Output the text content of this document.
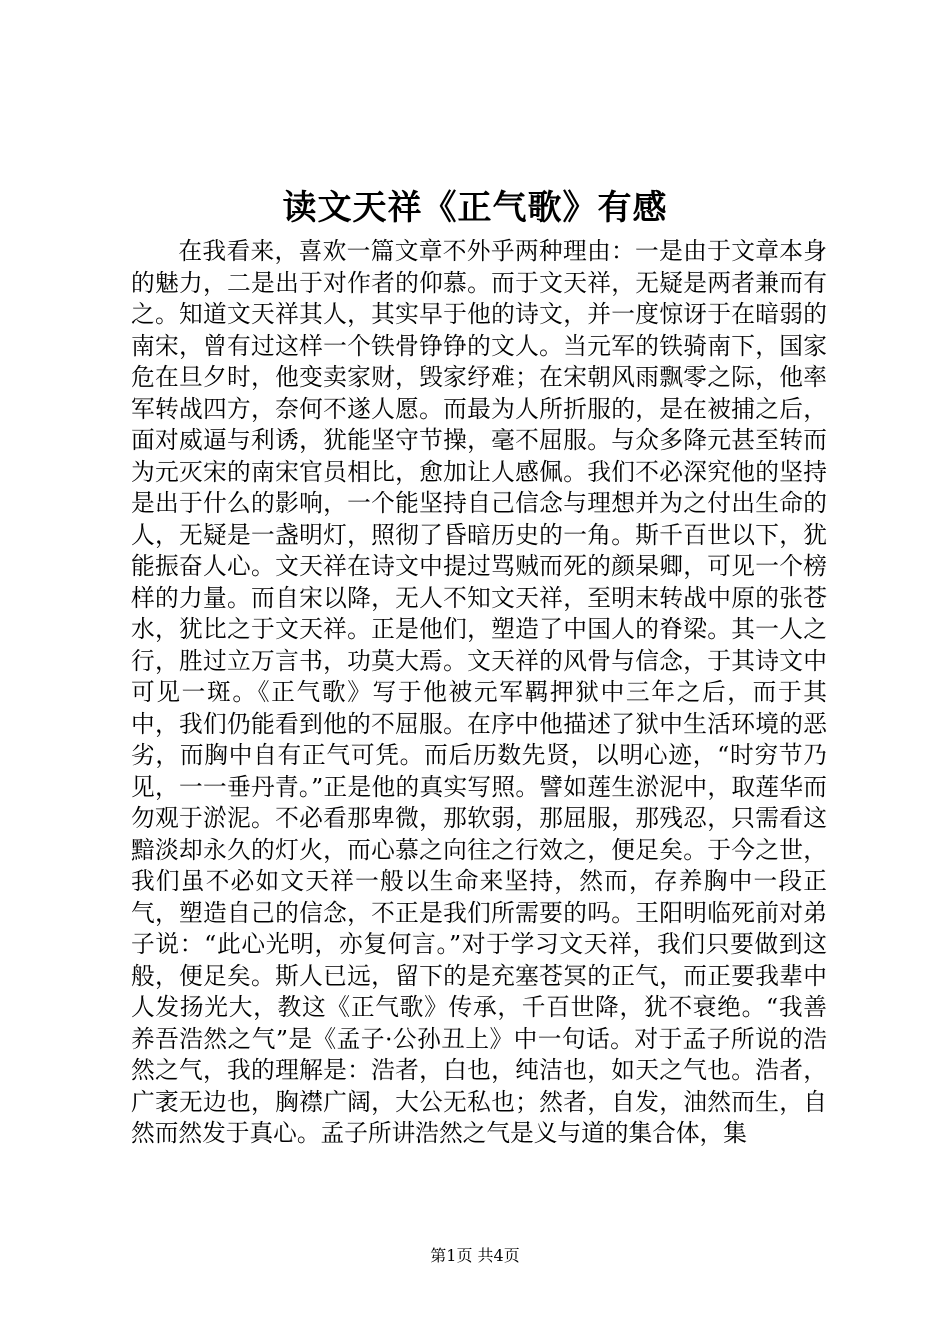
读文天祥《正气歌》有感

在我看来，喜欢一篇文章不外乎两种理由：一是由于文章本身的魅力，二是出于对作者的仰慕。而于文天祥，无疑是两者兼而有之。知道文天祥其人，其实早于他的诗文，并一度惊讶于在暗弱的南宋，曾有过这样一个铁骨铮铮的文人。当元军的铁骑南下，国家危在旦夕时，他变卖家财，毁家纾难；在宋朝风雨飘零之际，他率军转战四方，奈何不遂人愿。而最为人所折服的，是在被捕之后，面对威逼与利诱，犹能坚守节操，毫不屈服。与众多降元甚至转而为元灭宋的南宋官员相比，愈加让人感佩。我们不必深究他的坚持是出于什么的影响，一个能坚持自己信念与理想并为之付出生命的人，无疑是一盏明灯，照彻了昏暗历史的一角。斯千百世以下，犹能振奋人心。文天祥在诗文中提过骂贼而死的颜杲卿，可见一个榜样的力量。而自宋以降，无人不知文天祥，至明末转战中原的张苍水，犹比之于文天祥。正是他们，塑造了中国人的脊梁。其一人之行，胜过立万言书，功莫大焉。文天祥的风骨与信念，于其诗文中可见一斑。《正气歌》写于他被元军羁押狱中三年之后，而于其中，我们仍能看到他的不屈服。在序中他描述了狱中生活环境的恶劣，而胸中自有正气可凭。而后历数先贤，以明心迹，“时穷节乃见，一一垂丹青。”正是他的真实写照。譬如莲生淤泥中，取莲华而勿观于淤泥。不必看那卑微，那软弱，那屈服，那残忍，只需看这黯淡却永久的灯火，而心慕之向往之行效之，便足矣。于今之世，我们虽不必如文天祥一般以生命来坚持，然而，存养胸中一段正气，塑造自己的信念，不正是我们所需要的吗。王阳明临死前对弟子说：“此心光明，亦复何言。”对于学习文天祥，我们只要做到这般，便足矣。斯人已远，留下的是充塞苍冥的正气，而正要我辈中人发扬光大，教这《正气歌》传承，千百世降，犹不衰绝。“我善养吾浩然之气”是《孟子·公孙丑上》中一句话。对于孟子所说的浩然之气，我的理解是：浩者，白也，纯洁也，如天之气也。浩者，广袤无边也，胸襟广阔，大公无私也；然者，自发，油然而生，自然而然发于真心。孟子所讲浩然之气是义与道的集合体，集

第1页 共4页
